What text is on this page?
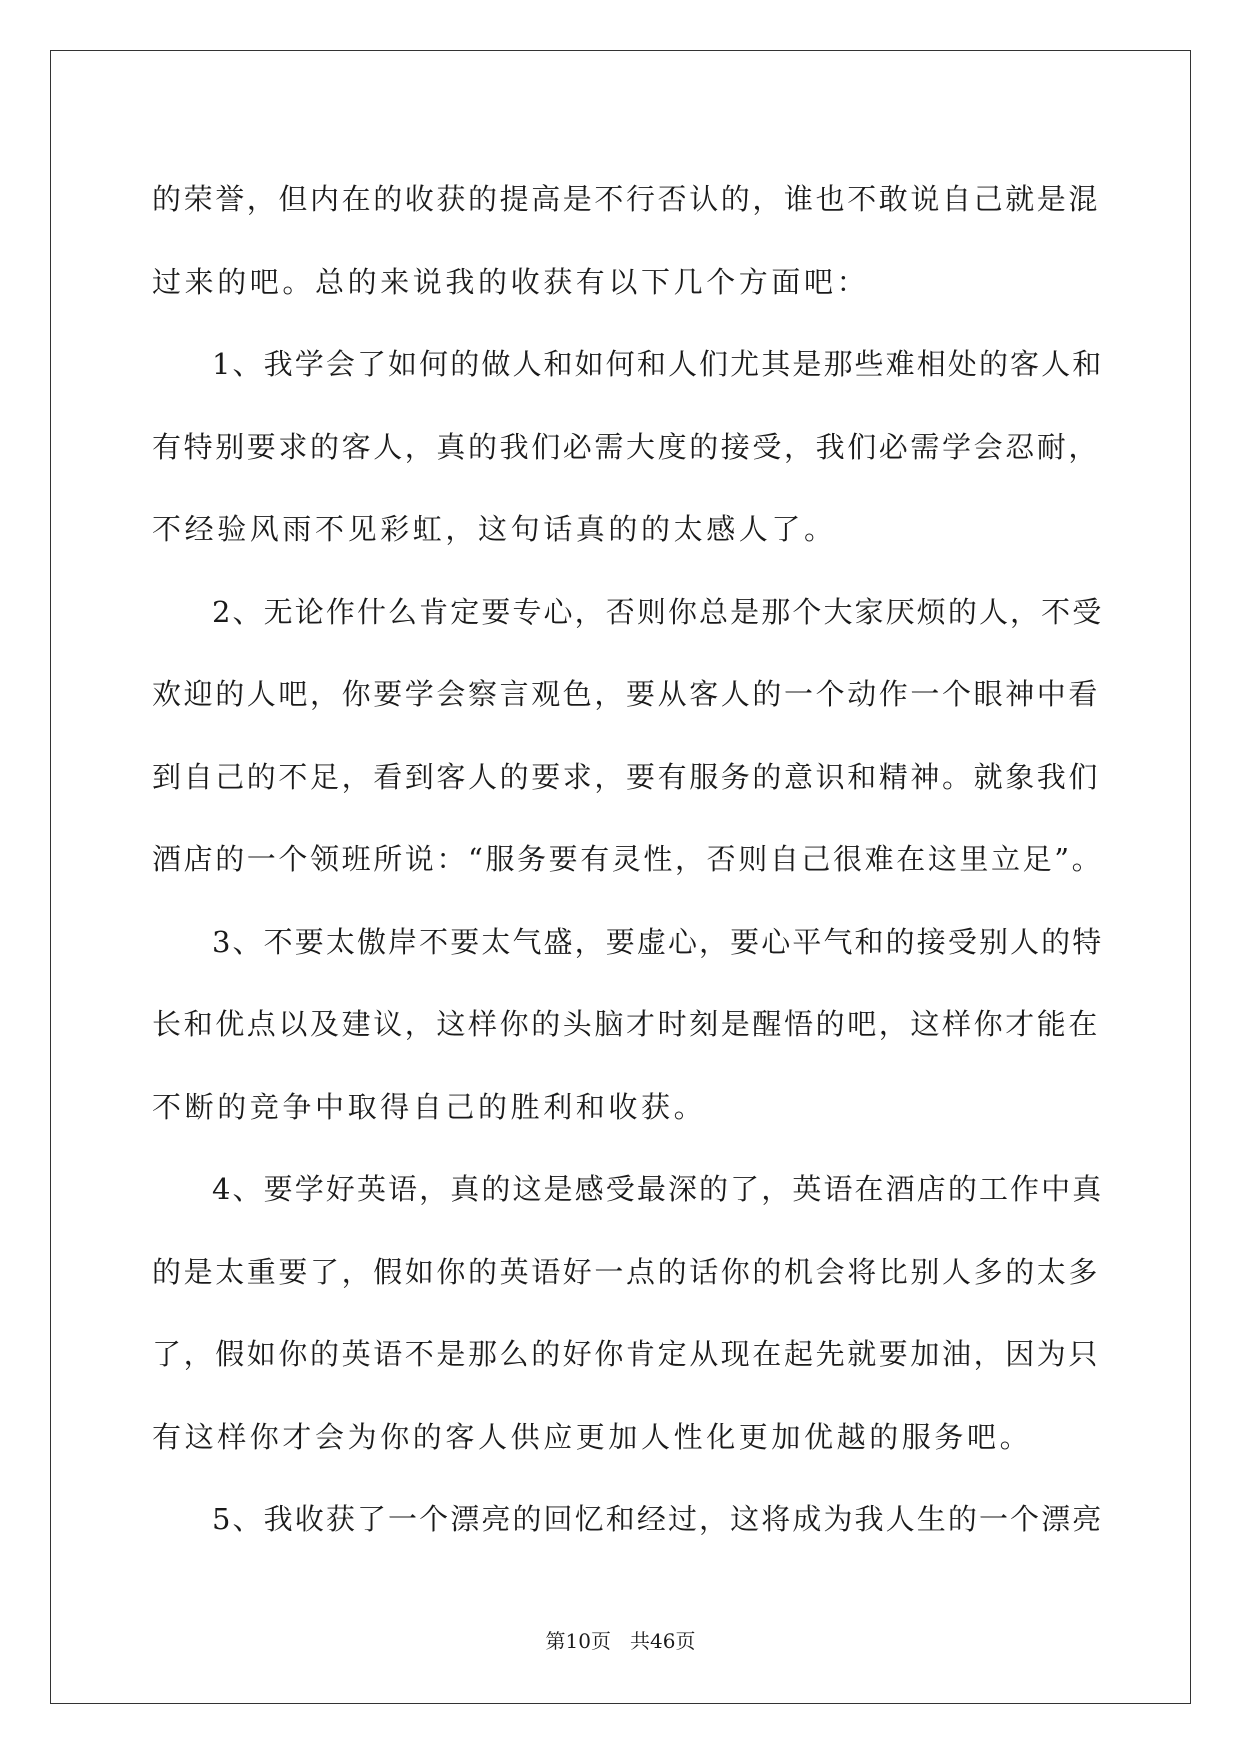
的荣誉，但内在的收获的提高是不行否认的，谁也不敢说自己就是混
过来的吧。总的来说我的收获有以下几个方面吧：
1、我学会了如何的做人和如何和人们尤其是那些难相处的客人和
有特别要求的客人，真的我们必需大度的接受，我们必需学会忍耐，
不经验风雨不见彩虹，这句话真的的太感人了。
2、无论作什么肯定要专心，否则你总是那个大家厌烦的人，不受
欢迎的人吧，你要学会察言观色，要从客人的一个动作一个眼神中看
到自己的不足，看到客人的要求，要有服务的意识和精神。就象我们
酒店的一个领班所说：“服务要有灵性，否则自己很难在这里立足”。
3、不要太傲岸不要太气盛，要虚心，要心平气和的接受别人的特
长和优点以及建议，这样你的头脑才时刻是醒悟的吧，这样你才能在
不断的竞争中取得自己的胜利和收获。
4、要学好英语，真的这是感受最深的了，英语在酒店的工作中真
的是太重要了，假如你的英语好一点的话你的机会将比别人多的太多
了，假如你的英语不是那么的好你肯定从现在起先就要加油，因为只
有这样你才会为你的客人供应更加人性化更加优越的服务吧。
5、我收获了一个漂亮的回忆和经过，这将成为我人生的一个漂亮
第10页 共46页
